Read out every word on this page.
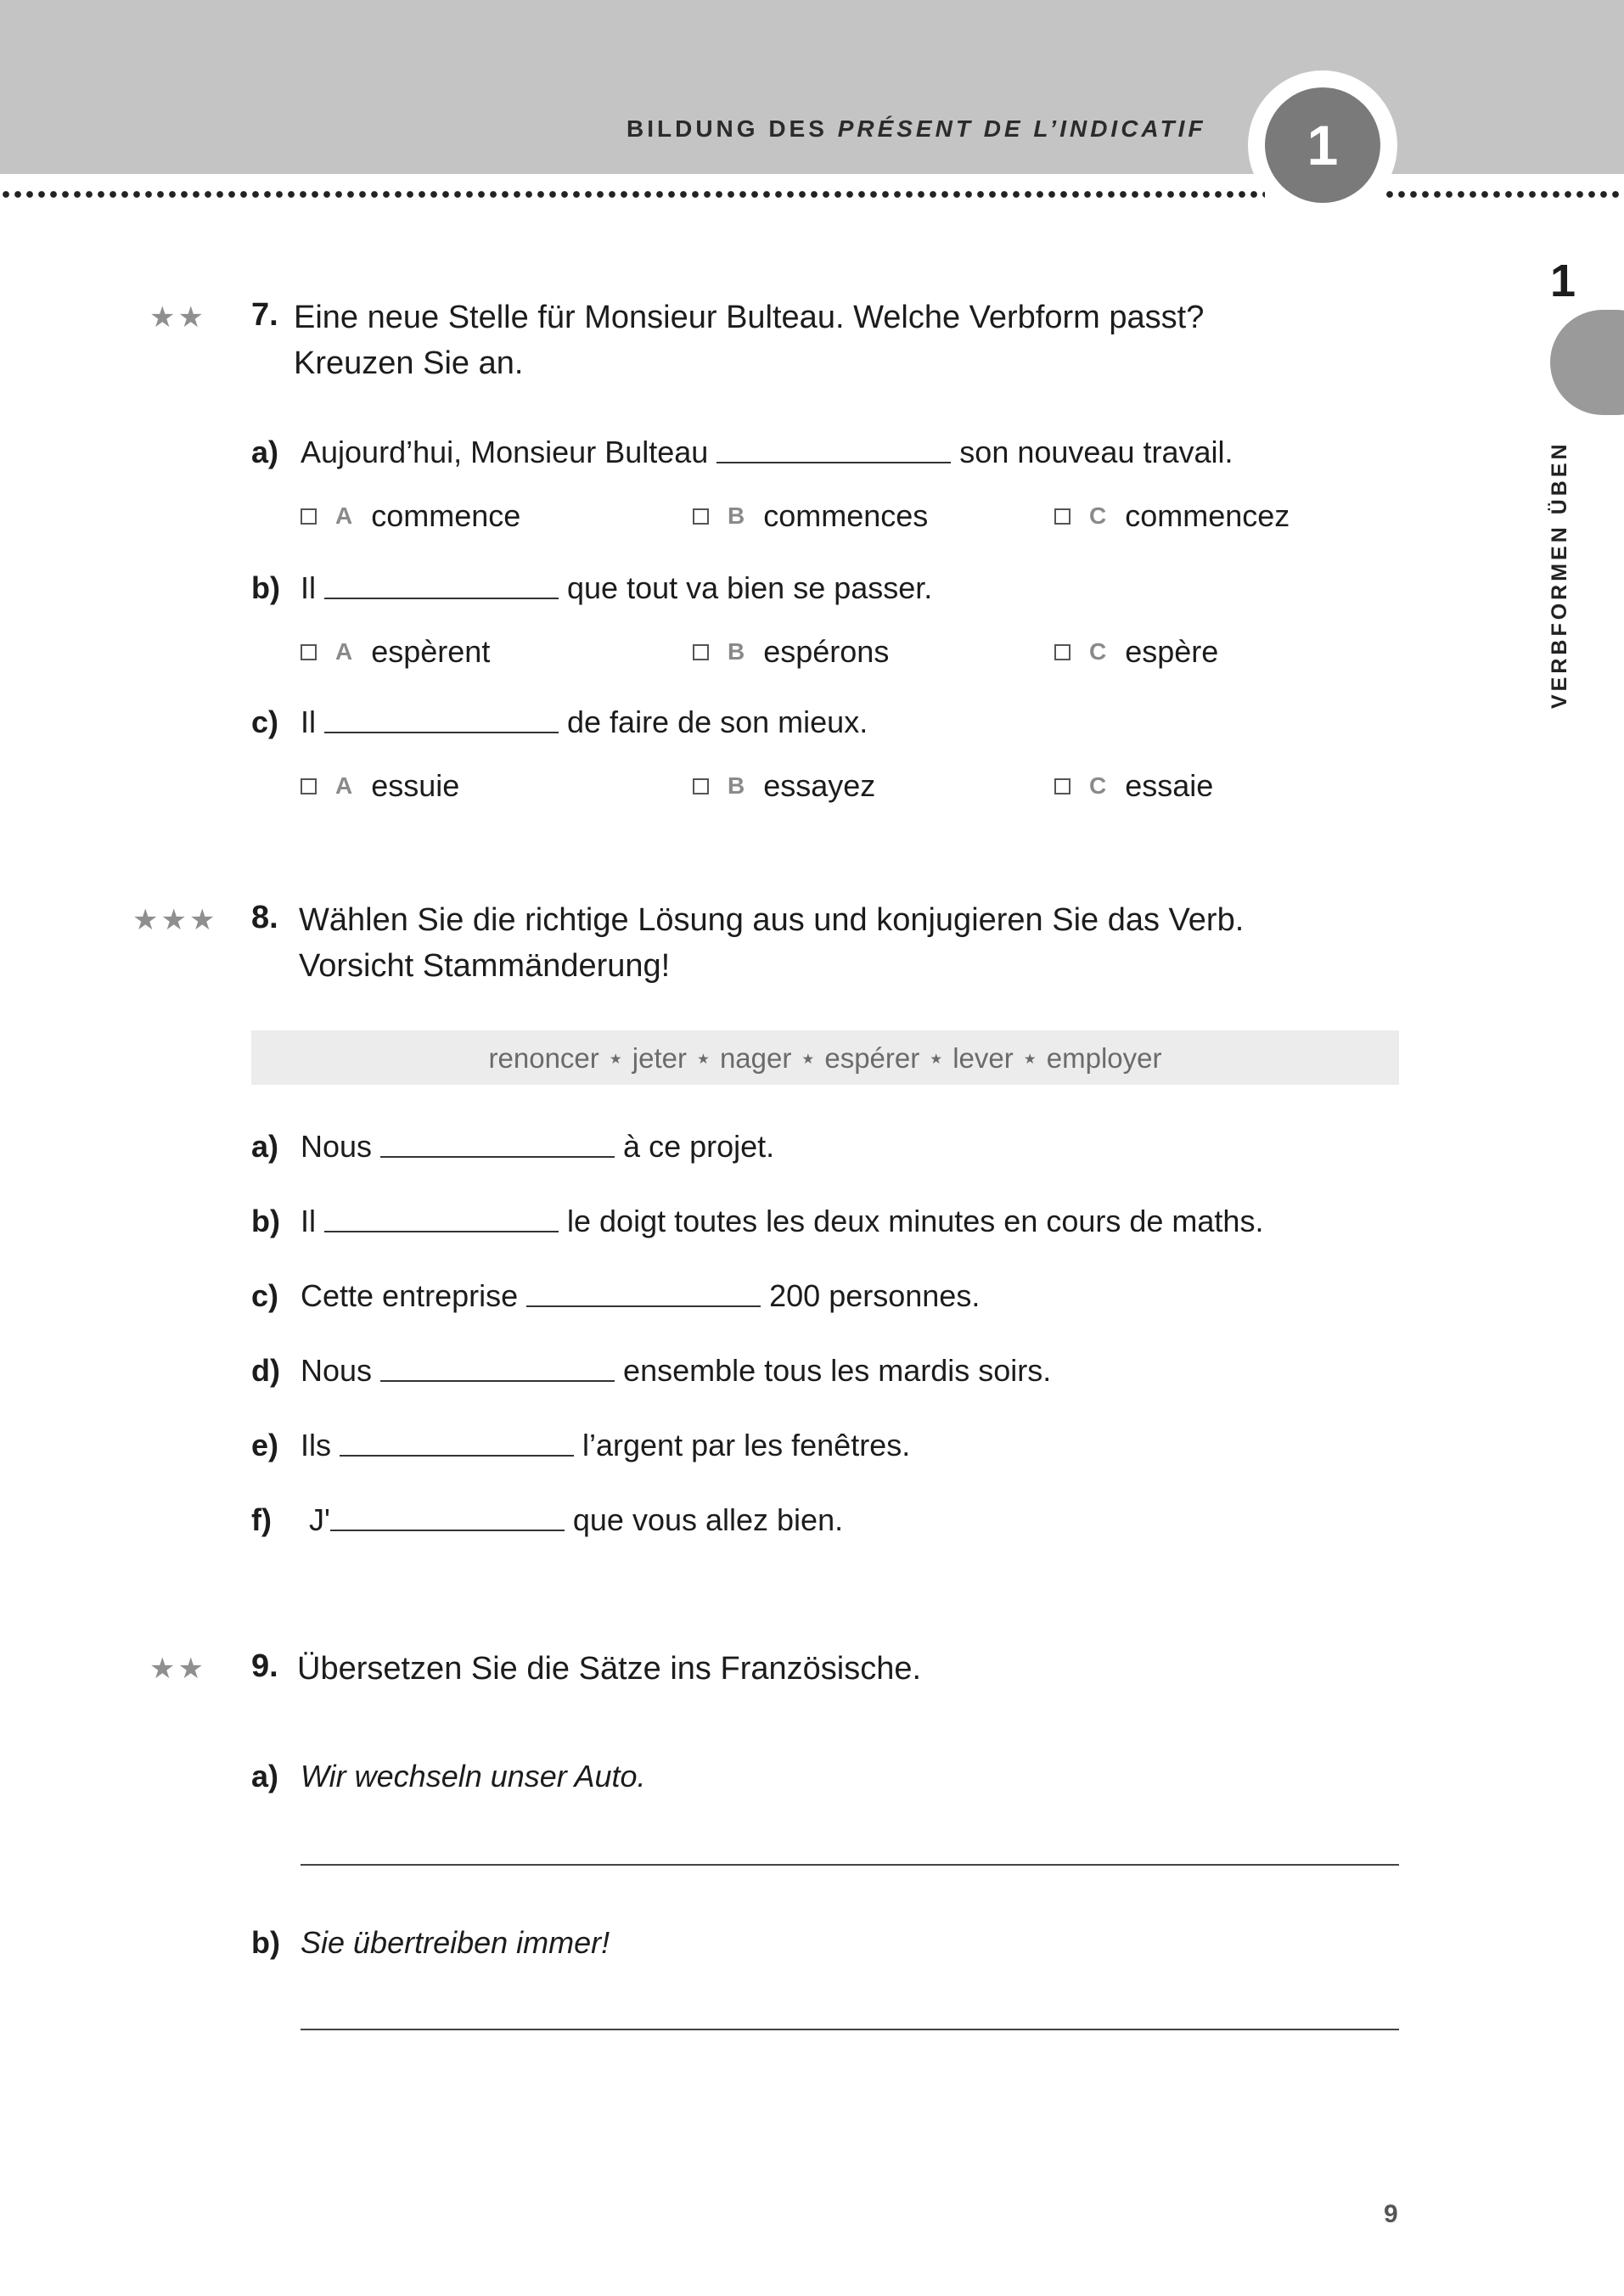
BILDUNG DES PRÉSENT DE L’INDICATIF	1
1
VERBFORMEN ÜBEN
★★ 7. Eine neue Stelle für Monsieur Bulteau. Welche Verbform passt?
Kreuzen Sie an.
a) Aujourd’hui, Monsieur Bulteau	son nouveau travail.
A commence	B commences	C commencez
b) Il	que tout va bien se passer.
A espèrent	B espérons	C espère
c) Il	de faire de son mieux.
A essuie	B essayez	C essaie
★★★ 8. Wählen Sie die richtige Lösung aus und konjugieren Sie das Verb.
Vorsicht Stammänderung!
renoncer ⋆ jeter ⋆ nager ⋆ espérer ⋆ lever ⋆ employer
a) Nous	à ce projet.
b) Il	le doigt toutes les deux minutes en cours de maths.
c) Cette entreprise	200 personnes.
d) Nous	ensemble tous les mardis soirs.
e) Ils	l’argent par les fenêtres.
f) J'	que vous allez bien.
★★ 9. Übersetzen Sie die Sätze ins Französische.
a) Wir wechseln unser Auto.
b) Sie übertreiben immer!
9
